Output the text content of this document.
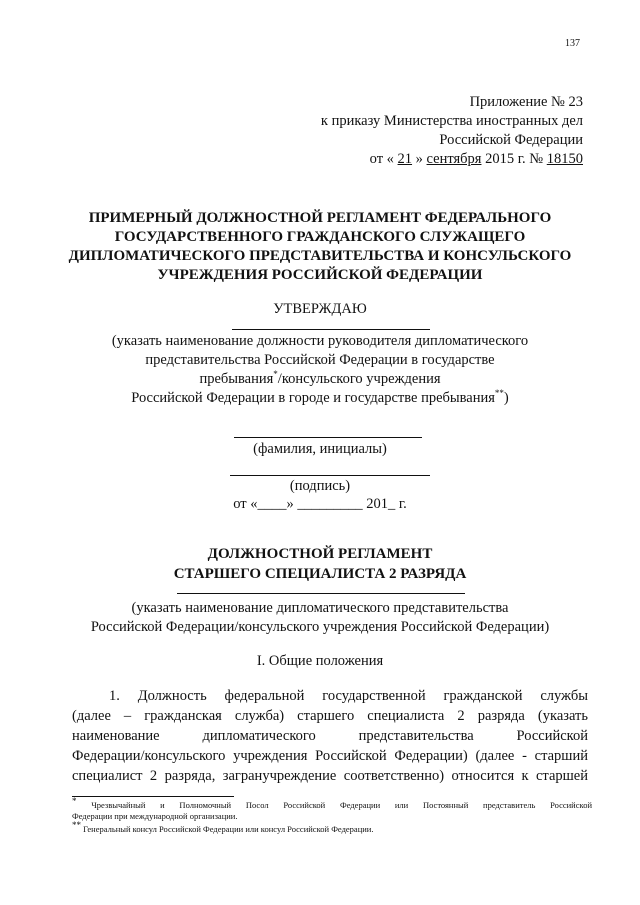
137
Приложение № 23
к приказу Министерства иностранных дел
Российской Федерации
от « 21 » сентября 2015 г. № 18150
ПРИМЕРНЫЙ ДОЛЖНОСТНОЙ РЕГЛАМЕНТ ФЕДЕРАЛЬНОГО
ГОСУДАРСТВЕННОГО ГРАЖДАНСКОГО СЛУЖАЩЕГО
ДИПЛОМАТИЧЕСКОГО ПРЕДСТАВИТЕЛЬСТВА И КОНСУЛЬСКОГО
УЧРЕЖДЕНИЯ РОССИЙСКОЙ ФЕДЕРАЦИИ
УТВЕРЖДАЮ
(указать наименование должности руководителя дипломатического
представительства Российской Федерации в государстве
пребывания*/консульского учреждения
Российской Федерации в городе и государстве пребывания**)
(фамилия, инициалы)
(подпись)
от «____» _________ 201_ г.
ДОЛЖНОСТНОЙ РЕГЛАМЕНТ
СТАРШЕГО СПЕЦИАЛИСТА 2 РАЗРЯДА
(указать наименование дипломатического представительства
Российской Федерации/консульского учреждения Российской Федерации)
I. Общие положения
1. Должность федеральной государственной гражданской службы
(далее – гражданская служба) старшего специалиста 2 разряда (указать
наименование дипломатического представительства Российской
Федерации/консульского учреждения Российской Федерации) (далее - старший
специалист 2 разряда, загранучреждение соответственно) относится к старшей
* Чрезвычайный и Полномочный Посол Российской Федерации или Постоянный представитель Российской
Федерации при международной организации.
** Генеральный консул Российской Федерации или консул Российской Федерации.
